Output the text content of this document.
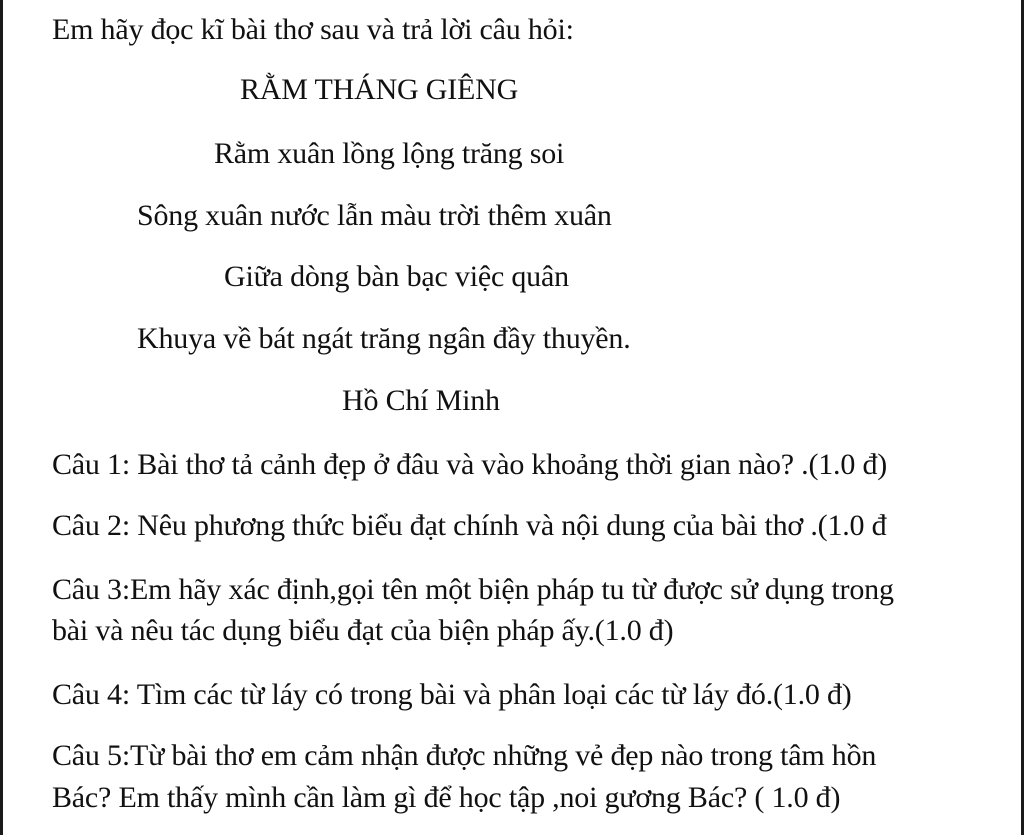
Em hãy đọc kĩ bài thơ sau và trả lời câu hỏi:
RẰM THÁNG GIÊNG
Rằm xuân lồng lộng trăng soi
Sông xuân nước lẫn màu trời thêm xuân
Giữa dòng bàn bạc việc quân
Khuya về bát ngát trăng ngân đầy thuyền.
Hồ Chí Minh
Câu 1: Bài thơ tả cảnh đẹp ở đâu và vào khoảng thời gian nào? .(1.0 đ)
Câu 2: Nêu phương thức biểu đạt chính và nội dung của bài thơ .(1.0 đ
Câu 3:Em hãy xác định,gọi tên một biện pháp tu từ được sử dụng trong
bài và nêu tác dụng biểu đạt của biện pháp ấy.(1.0 đ)
Câu 4: Tìm các từ láy có trong bài và phân loại các từ láy đó.(1.0 đ)
Câu 5:Từ bài thơ em cảm nhận được những vẻ đẹp nào trong tâm hồn
Bác? Em thấy mình cần làm gì để học tập ,noi gương Bác? ( 1.0 đ)
